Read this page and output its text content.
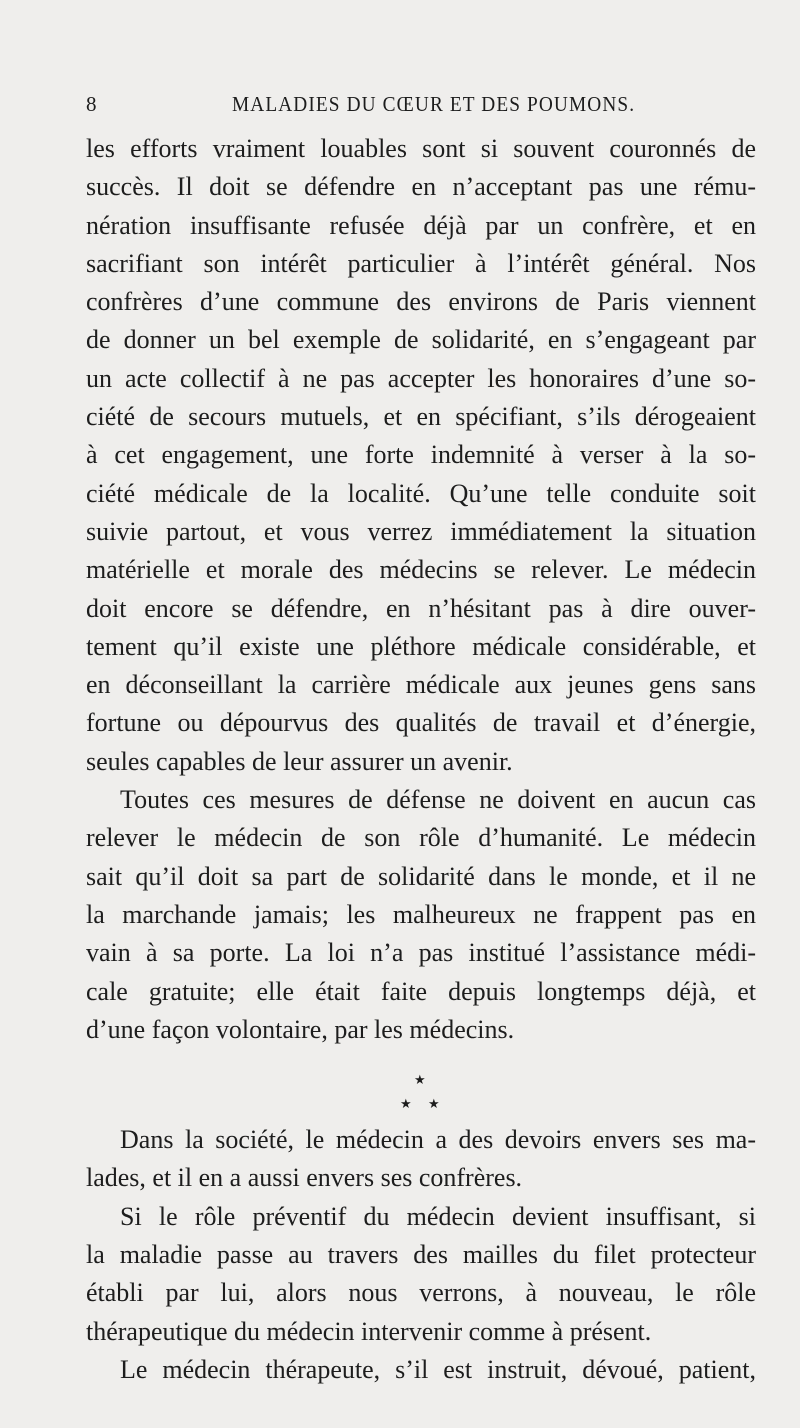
8	MALADIES DU CŒUR ET DES POUMONS.
les efforts vraiment louables sont si souvent couronnés de
succès. Il doit se défendre en n’acceptant pas une rému-
nération insuffisante refusée déjà par un confrère, et en
sacrifiant son intérêt particulier à l’intérêt général. Nos
confrères d’une commune des environs de Paris viennent
de donner un bel exemple de solidarité, en s’engageant par
un acte collectif à ne pas accepter les honoraires d’une so-
ciété de secours mutuels, et en spécifiant, s’ils dérogeaient
à cet engagement, une forte indemnité à verser à la so-
ciété médicale de la localité. Qu’une telle conduite soit
suivie partout, et vous verrez immédiatement la situation
matérielle et morale des médecins se relever. Le médecin
doit encore se défendre, en n’hésitant pas à dire ouver-
tement qu’il existe une pléthore médicale considérable, et
en déconseillant la carrière médicale aux jeunes gens sans
fortune ou dépourvus des qualités de travail et d’énergie,
seules capables de leur assurer un avenir.
Toutes ces mesures de défense ne doivent en aucun cas
relever le médecin de son rôle d’humanité. Le médecin
sait qu’il doit sa part de solidarité dans le monde, et il ne
la marchande jamais; les malheureux ne frappent pas en
vain à sa porte. La loi n’a pas institué l’assistance médi-
cale gratuite; elle était faite depuis longtemps déjà, et
d’une façon volontaire, par les médecins.
★
★ ★
Dans la société, le médecin a des devoirs envers ses ma-
lades, et il en a aussi envers ses confrères.
Si le rôle préventif du médecin devient insuffisant, si
la maladie passe au travers des mailles du filet protecteur
établi par lui, alors nous verrons, à nouveau, le rôle
thérapeutique du médecin intervenir comme à présent.
Le médecin thérapeute, s’il est instruit, dévoué, patient,
